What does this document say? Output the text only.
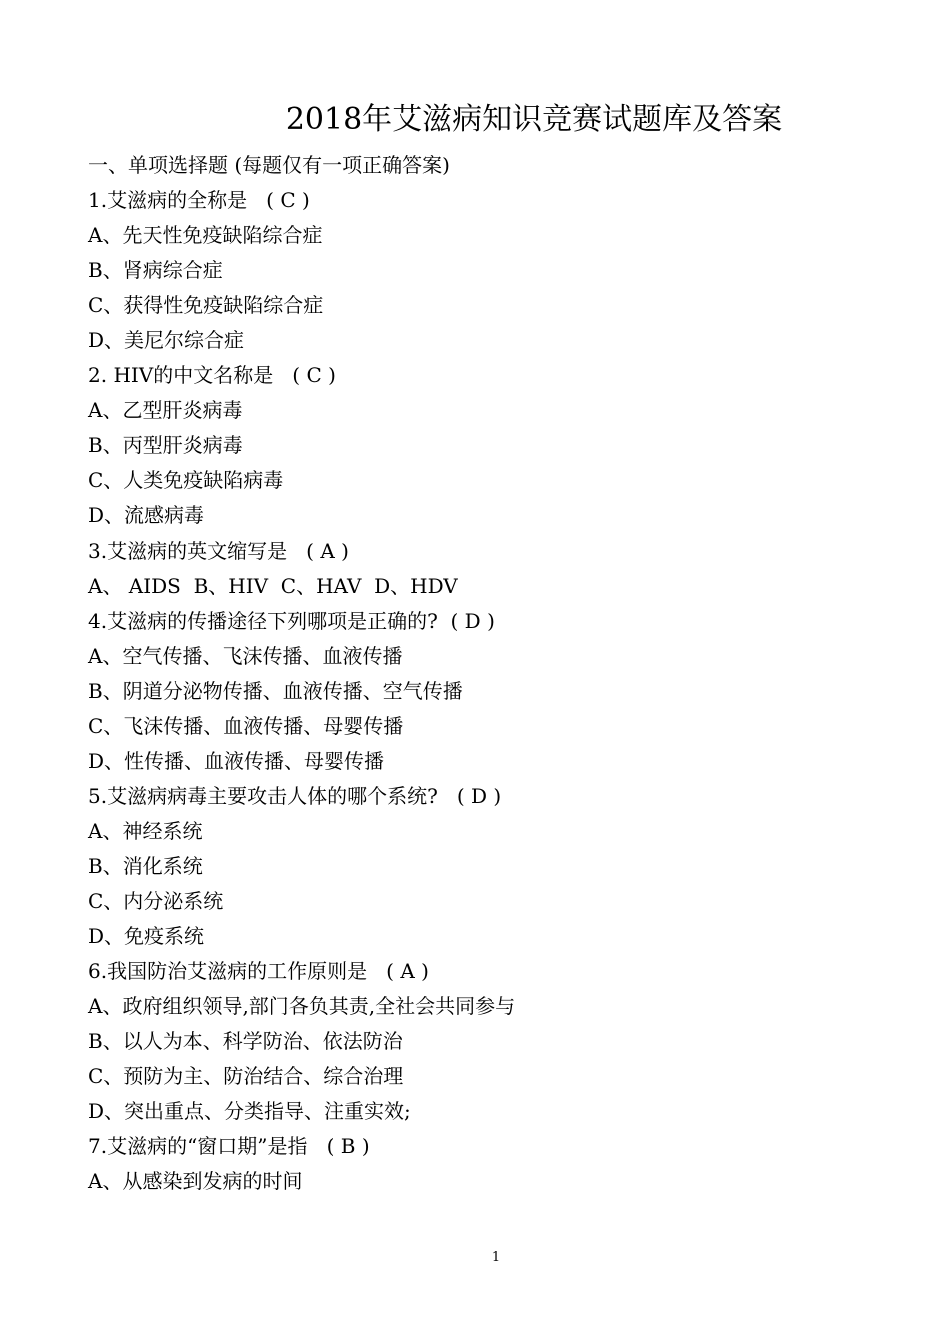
2018年艾滋病知识竞赛试题库及答案
一、单项选择题 (每题仅有一项正确答案)
1.艾滋病的全称是   ( C )
A、先天性免疫缺陷综合症
B、肾病综合症
C、获得性免疫缺陷综合症
D、美尼尔综合症
2. HIV的中文名称是   ( C )
A、乙型肝炎病毒
B、丙型肝炎病毒
C、人类免疫缺陷病毒
D、流感病毒
3.艾滋病的英文缩写是   ( A )
A、 AIDS  B、HIV  C、HAV  D、HDV
4.艾滋病的传播途径下列哪项是正确的?  ( D )
A、空气传播、飞沫传播、血液传播
B、阴道分泌物传播、血液传播、空气传播
C、飞沫传播、血液传播、母婴传播
D、性传播、血液传播、母婴传播
5.艾滋病病毒主要攻击人体的哪个系统?   ( D )
A、神经系统
B、消化系统
C、内分泌系统
D、免疫系统
6.我国防治艾滋病的工作原则是   ( A )
A、政府组织领导,部门各负其责,全社会共同参与
B、以人为本、科学防治、依法防治
C、预防为主、防治结合、综合治理
D、突出重点、分类指导、注重实效;
7.艾滋病的“窗口期”是指   ( B )
A、从感染到发病的时间
1
